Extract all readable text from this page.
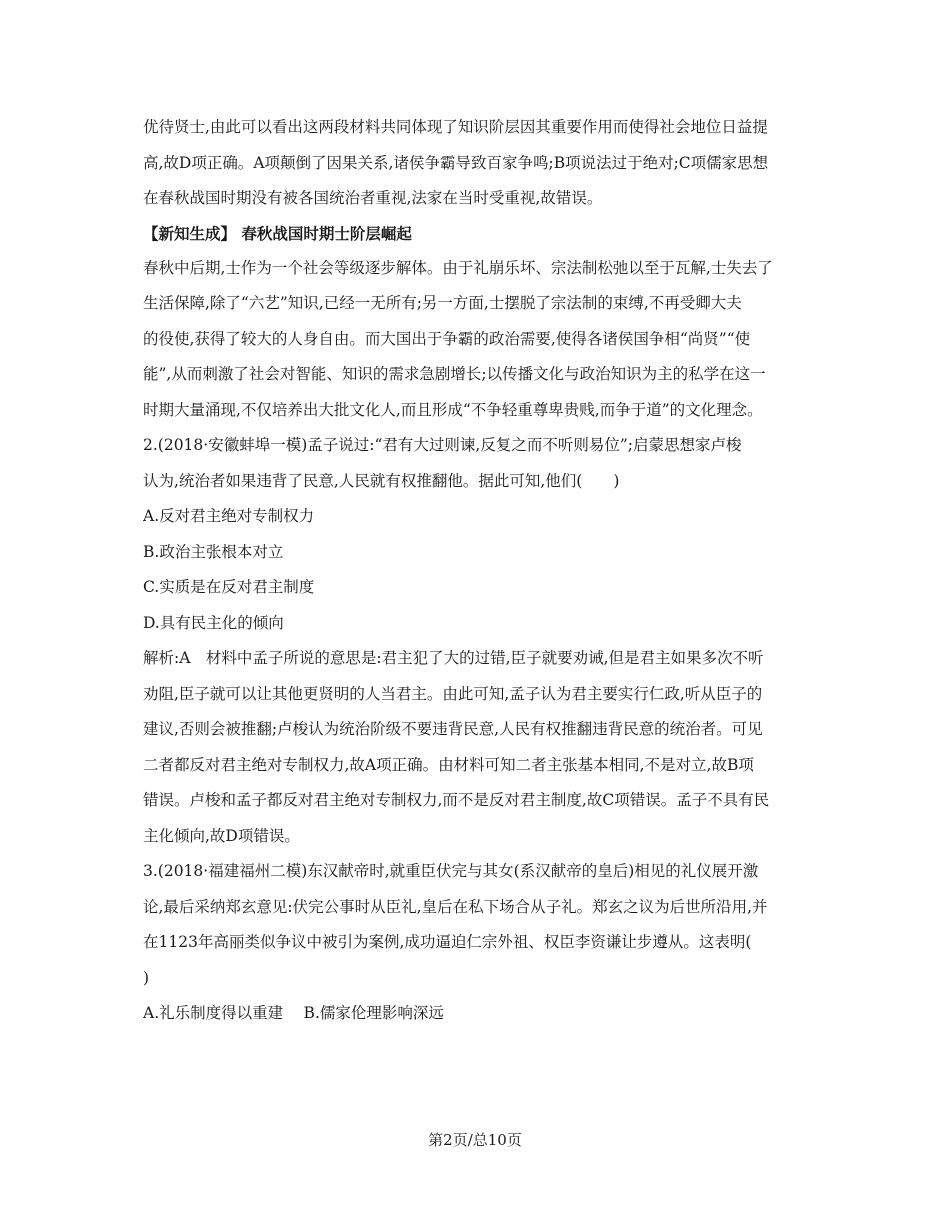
优待贤士,由此可以看出这两段材料共同体现了知识阶层因其重要作用而使得社会地位日益提
高,故D项正确。A项颠倒了因果关系,诸侯争霸导致百家争鸣;B项说法过于绝对;C项儒家思想
在春秋战国时期没有被各国统治者重视,法家在当时受重视,故错误。
【新知生成】 春秋战国时期士阶层崛起
春秋中后期,士作为一个社会等级逐步解体。由于礼崩乐坏、宗法制松弛以至于瓦解,士失去了
生活保障,除了“六艺”知识,已经一无所有;另一方面,士摆脱了宗法制的束缚,不再受卿大夫
的役使,获得了较大的人身自由。而大国出于争霸的政治需要,使得各诸侯国争相“尚贤”“使
能”,从而刺激了社会对智能、知识的需求急剧增长;以传播文化与政治知识为主的私学在这一
时期大量涌现,不仅培养出大批文化人,而且形成“不争轻重尊卑贵贱,而争于道”的文化理念。
2.(2018·安徽蚌埠一模)孟子说过:“君有大过则谏,反复之而不听则易位”;启蒙思想家卢梭
认为,统治者如果违背了民意,人民就有权推翻他。据此可知,他们(　　)
A.反对君主绝对专制权力
B.政治主张根本对立
C.实质是在反对君主制度
D.具有民主化的倾向
解析:A　材料中孟子所说的意思是:君主犯了大的过错,臣子就要劝诫,但是君主如果多次不听
劝阻,臣子就可以让其他更贤明的人当君主。由此可知,孟子认为君主要实行仁政,听从臣子的
建议,否则会被推翻;卢梭认为统治阶级不要违背民意,人民有权推翻违背民意的统治者。可见
二者都反对君主绝对专制权力,故A项正确。由材料可知二者主张基本相同,不是对立,故B项
错误。卢梭和孟子都反对君主绝对专制权力,而不是反对君主制度,故C项错误。孟子不具有民
主化倾向,故D项错误。
3.(2018·福建福州二模)东汉献帝时,就重臣伏完与其女(系汉献帝的皇后)相见的礼仪展开激
论,最后采纳郑玄意见:伏完公事时从臣礼,皇后在私下场合从子礼。郑玄之议为后世所沿用,并
在1123年高丽类似争议中被引为案例,成功逼迫仁宗外祖、权臣李资谦让步遵从。这表明(
)
A.礼乐制度得以重建　 B.儒家伦理影响深远
第2页/总10页
